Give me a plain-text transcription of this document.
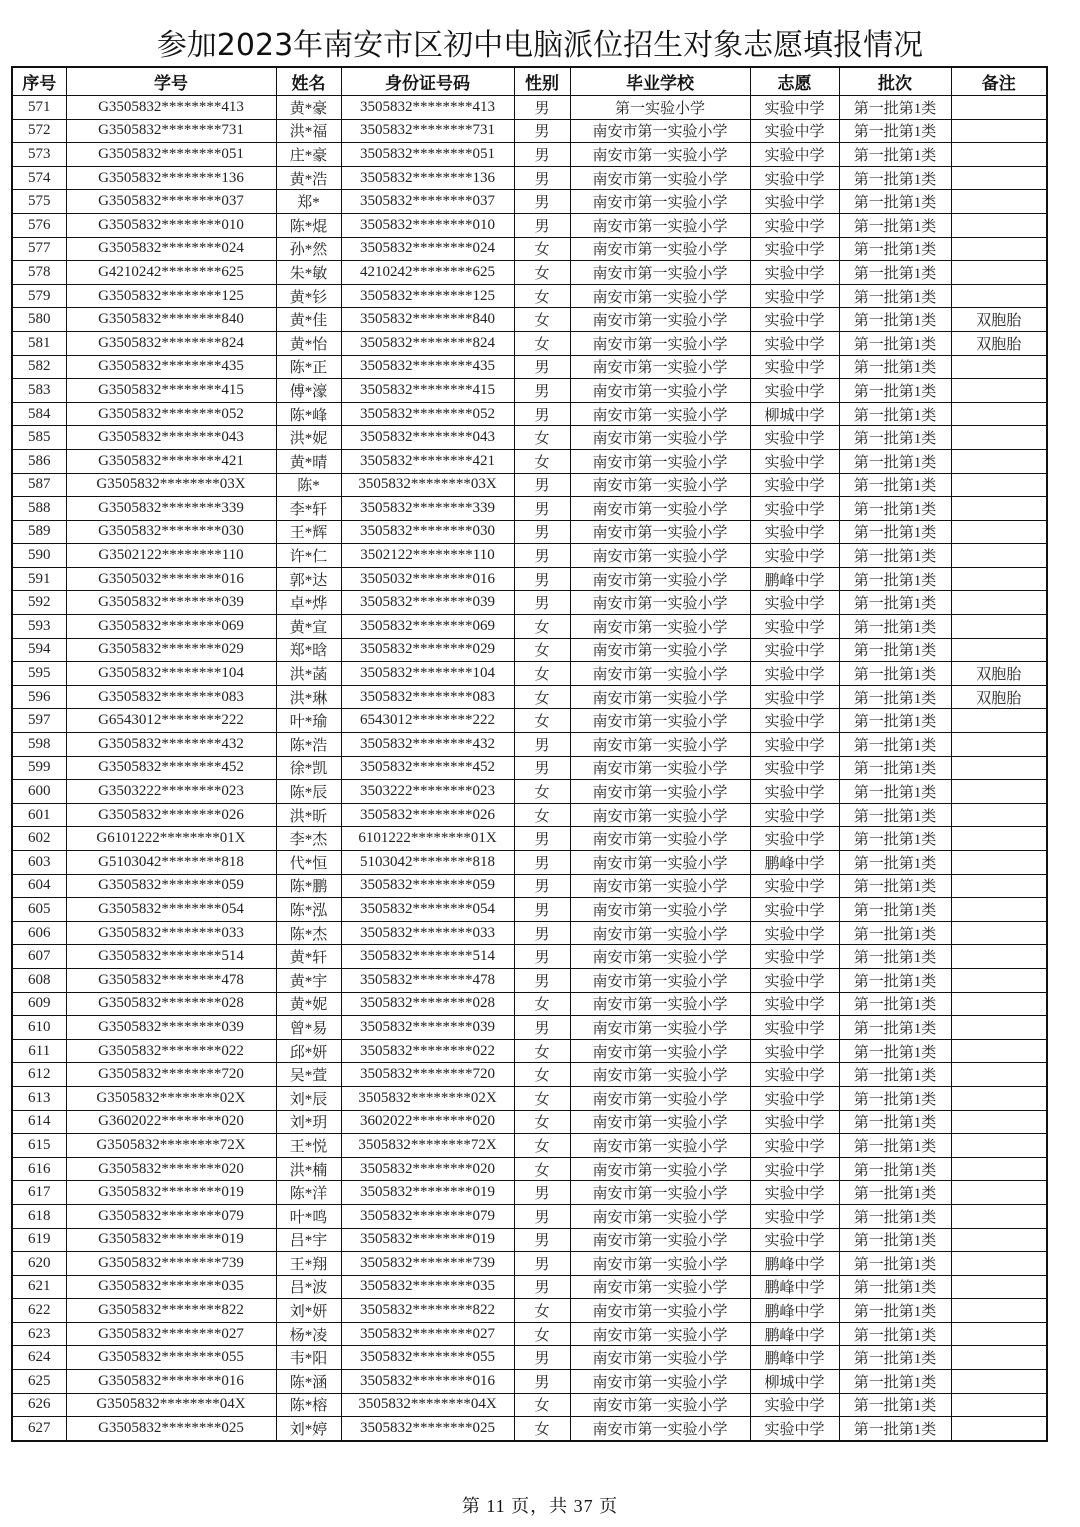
参加2023年南安市区初中电脑派位招生对象志愿填报情况
序号	学号	姓名	身份证号码	性别	毕业学校	志愿	批次	备注
571	G3505832********413	黄*豪	3505832********413	男	第一实验小学	实验中学	第一批第1类	
572	G3505832********731	洪*福	3505832********731	男	南安市第一实验小学	实验中学	第一批第1类	
573	G3505832********051	庄*豪	3505832********051	男	南安市第一实验小学	实验中学	第一批第1类	
574	G3505832********136	黄*浩	3505832********136	男	南安市第一实验小学	实验中学	第一批第1类	
575	G3505832********037	郑*	3505832********037	男	南安市第一实验小学	实验中学	第一批第1类	
576	G3505832********010	陈*焜	3505832********010	男	南安市第一实验小学	实验中学	第一批第1类	
577	G3505832********024	孙*然	3505832********024	女	南安市第一实验小学	实验中学	第一批第1类	
578	G4210242********625	朱*敏	4210242********625	女	南安市第一实验小学	实验中学	第一批第1类	
579	G3505832********125	黄*钐	3505832********125	女	南安市第一实验小学	实验中学	第一批第1类	
580	G3505832********840	黄*佳	3505832********840	女	南安市第一实验小学	实验中学	第一批第1类	双胞胎
581	G3505832********824	黄*怡	3505832********824	女	南安市第一实验小学	实验中学	第一批第1类	双胞胎
582	G3505832********435	陈*正	3505832********435	男	南安市第一实验小学	实验中学	第一批第1类	
583	G3505832********415	傅*濠	3505832********415	男	南安市第一实验小学	实验中学	第一批第1类	
584	G3505832********052	陈*峰	3505832********052	男	南安市第一实验小学	柳城中学	第一批第1类	
585	G3505832********043	洪*妮	3505832********043	女	南安市第一实验小学	实验中学	第一批第1类	
586	G3505832********421	黄*晴	3505832********421	女	南安市第一实验小学	实验中学	第一批第1类	
587	G3505832********03X	陈*	3505832********03X	男	南安市第一实验小学	实验中学	第一批第1类	
588	G3505832********339	李*轩	3505832********339	男	南安市第一实验小学	实验中学	第一批第1类	
589	G3505832********030	王*辉	3505832********030	男	南安市第一实验小学	实验中学	第一批第1类	
590	G3502122********110	许*仁	3502122********110	男	南安市第一实验小学	实验中学	第一批第1类	
591	G3505032********016	郭*达	3505032********016	男	南安市第一实验小学	鹏峰中学	第一批第1类	
592	G3505832********039	卓*烨	3505832********039	男	南安市第一实验小学	实验中学	第一批第1类	
593	G3505832********069	黄*宣	3505832********069	女	南安市第一实验小学	实验中学	第一批第1类	
594	G3505832********029	郑*晗	3505832********029	女	南安市第一实验小学	实验中学	第一批第1类	
595	G3505832********104	洪*菡	3505832********104	女	南安市第一实验小学	实验中学	第一批第1类	双胞胎
596	G3505832********083	洪*琳	3505832********083	女	南安市第一实验小学	实验中学	第一批第1类	双胞胎
597	G6543012********222	叶*瑜	6543012********222	女	南安市第一实验小学	实验中学	第一批第1类	
598	G3505832********432	陈*浩	3505832********432	男	南安市第一实验小学	实验中学	第一批第1类	
599	G3505832********452	徐*凯	3505832********452	男	南安市第一实验小学	实验中学	第一批第1类	
600	G3503222********023	陈*辰	3503222********023	女	南安市第一实验小学	实验中学	第一批第1类	
601	G3505832********026	洪*昕	3505832********026	女	南安市第一实验小学	实验中学	第一批第1类	
602	G6101222********01X	李*杰	6101222********01X	男	南安市第一实验小学	实验中学	第一批第1类	
603	G5103042********818	代*恒	5103042********818	男	南安市第一实验小学	鹏峰中学	第一批第1类	
604	G3505832********059	陈*鹏	3505832********059	男	南安市第一实验小学	实验中学	第一批第1类	
605	G3505832********054	陈*泓	3505832********054	男	南安市第一实验小学	实验中学	第一批第1类	
606	G3505832********033	陈*杰	3505832********033	男	南安市第一实验小学	实验中学	第一批第1类	
607	G3505832********514	黄*轩	3505832********514	男	南安市第一实验小学	实验中学	第一批第1类	
608	G3505832********478	黄*宇	3505832********478	男	南安市第一实验小学	实验中学	第一批第1类	
609	G3505832********028	黄*妮	3505832********028	女	南安市第一实验小学	实验中学	第一批第1类	
610	G3505832********039	曾*易	3505832********039	男	南安市第一实验小学	实验中学	第一批第1类	
611	G3505832********022	邱*妍	3505832********022	女	南安市第一实验小学	实验中学	第一批第1类	
612	G3505832********720	吴*萱	3505832********720	女	南安市第一实验小学	实验中学	第一批第1类	
613	G3505832********02X	刘*辰	3505832********02X	女	南安市第一实验小学	实验中学	第一批第1类	
614	G3602022********020	刘*玥	3602022********020	女	南安市第一实验小学	实验中学	第一批第1类	
615	G3505832********72X	王*悦	3505832********72X	女	南安市第一实验小学	实验中学	第一批第1类	
616	G3505832********020	洪*楠	3505832********020	女	南安市第一实验小学	实验中学	第一批第1类	
617	G3505832********019	陈*洋	3505832********019	男	南安市第一实验小学	实验中学	第一批第1类	
618	G3505832********079	叶*鸣	3505832********079	男	南安市第一实验小学	实验中学	第一批第1类	
619	G3505832********019	吕*宇	3505832********019	男	南安市第一实验小学	实验中学	第一批第1类	
620	G3505832********739	王*翔	3505832********739	男	南安市第一实验小学	鹏峰中学	第一批第1类	
621	G3505832********035	吕*波	3505832********035	男	南安市第一实验小学	鹏峰中学	第一批第1类	
622	G3505832********822	刘*妍	3505832********822	女	南安市第一实验小学	鹏峰中学	第一批第1类	
623	G3505832********027	杨*凌	3505832********027	女	南安市第一实验小学	鹏峰中学	第一批第1类	
624	G3505832********055	韦*阳	3505832********055	男	南安市第一实验小学	鹏峰中学	第一批第1类	
625	G3505832********016	陈*涵	3505832********016	男	南安市第一实验小学	柳城中学	第一批第1类	
626	G3505832********04X	陈*榕	3505832********04X	女	南安市第一实验小学	实验中学	第一批第1类	
627	G3505832********025	刘*婷	3505832********025	女	南安市第一实验小学	实验中学	第一批第1类	
第 11 页，共 37 页
